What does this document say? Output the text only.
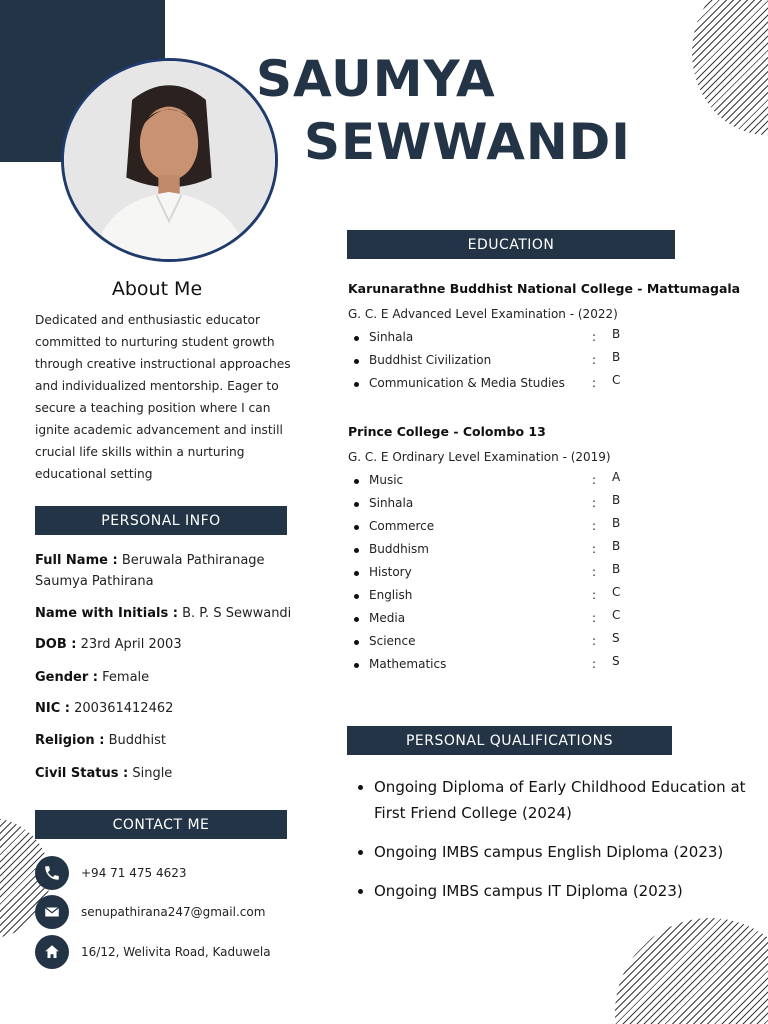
SAUMYA
SEWWANDI
About Me
Dedicated and enthusiastic educator committed to nurturing student growth through creative instructional approaches and individualized mentorship. Eager to secure a teaching position where I can ignite academic advancement and instill crucial life skills within a nurturing educational setting
PERSONAL INFO
Full Name : Beruwala Pathiranage Saumya Pathirana
Name with Initials : B. P. S Sewwandi
DOB : 23rd April 2003
Gender : Female
NIC : 200361412462
Religion : Buddhist
Civil Status : Single
CONTACT ME
+94 71 475 4623
senupathirana247@gmail.com
16/12, Welivita Road, Kaduwela
EDUCATION
Karunarathne Buddhist National College - Mattumagala
G. C. E Advanced Level Examination - (2022)
Sinhala	: B
Buddhist Civilization	: B
Communication & Media Studies : C
Prince College - Colombo 13
G. C. E Ordinary Level Examination - (2019)
Music	: A
Sinhala	: B
Commerce	: B
Buddhism	: B
History	: B
English	: C
Media	: C
Science	: S
Mathematics	: S
PERSONAL QUALIFICATIONS
Ongoing Diploma of Early Childhood Education at First Friend College (2024)
Ongoing IMBS campus English Diploma (2023)
Ongoing IMBS campus IT Diploma (2023)
